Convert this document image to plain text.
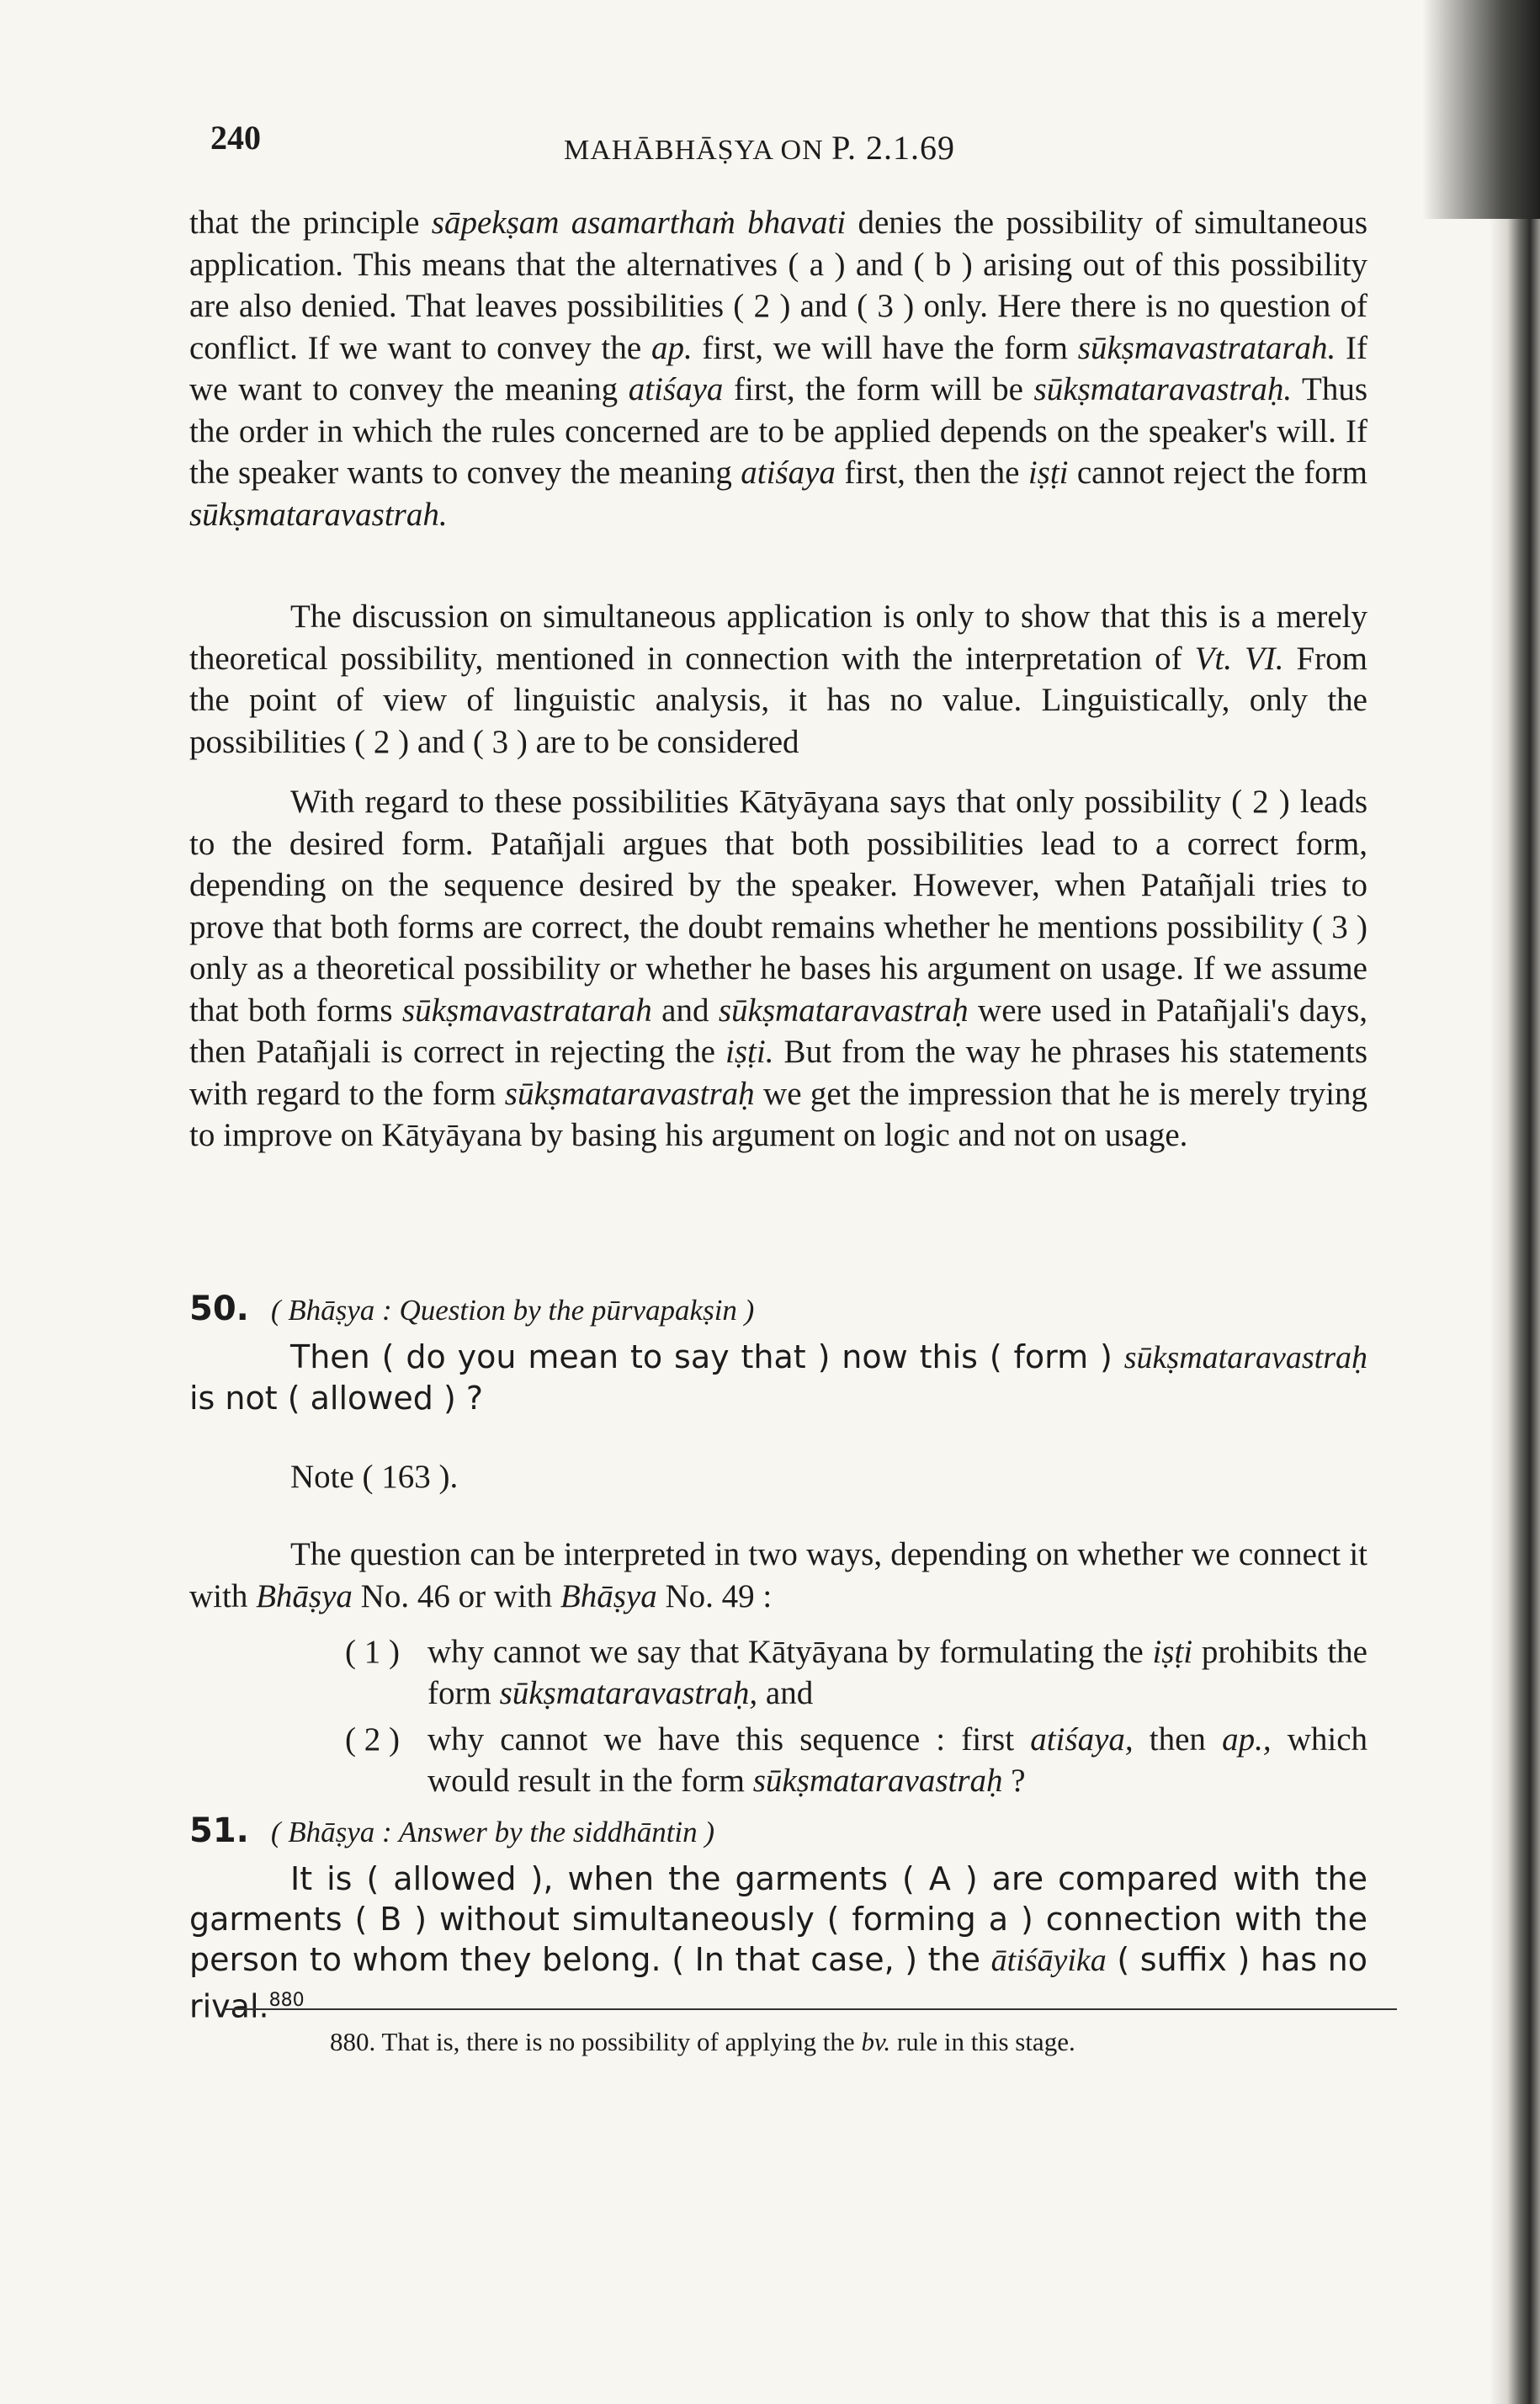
240	MAHĀBHĀṢYA ON P. 2.1.69
that the principle sāpekṣam asamarthaṁ bhavati denies the possibility of simultaneous application. This means that the alternatives ( a ) and ( b ) arising out of this possibility are also denied. That leaves possibilities ( 2 ) and ( 3 ) only. Here there is no question of conflict. If we want to convey the ap. first, we will have the form sūkṣmavastratarah. If we want to convey the meaning atiśaya first, the form will be sūkṣmataravastraḥ. Thus the order in which the rules concerned are to be applied depends on the speaker's will. If the speaker wants to convey the meaning atiśaya first, then the iṣṭi cannot reject the form sūkṣmataravastrah.
The discussion on simultaneous application is only to show that this is a merely theoretical possibility, mentioned in connection with the interpretation of Vt. VI. From the point of view of linguistic analysis, it has no value. Linguistically, only the possibilities ( 2 ) and ( 3 ) are to be considered
With regard to these possibilities Kātyāyana says that only possibility ( 2 ) leads to the desired form. Patañjali argues that both possibilities lead to a correct form, depending on the sequence desired by the speaker. However, when Patañjali tries to prove that both forms are correct, the doubt remains whether he mentions possibility ( 3 ) only as a theoretical possibility or whether he bases his argument on usage. If we assume that both forms sūkṣmavastratarah and sūkṣmataravastraḥ were used in Patañjali's days, then Patañjali is correct in rejecting the iṣṭi. But from the way he phrases his statements with regard to the form sūkṣmataravastraḥ we get the impression that he is merely trying to improve on Kātyāyana by basing his argument on logic and not on usage.
50. ( Bhāṣya : Question by the pūrvapakṣin )
Then ( do you mean to say that ) now this ( form ) sūkṣmataravastraḥ is not ( allowed ) ?
Note ( 163 ).
The question can be interpreted in two ways, depending on whether we connect it with Bhāṣya No. 46 or with Bhāṣya No. 49 :
( 1 ) why cannot we say that Kātyāyana by formulating the iṣṭi prohibits the form sūkṣmataravastraḥ, and
( 2 ) why cannot we have this sequence : first atiśaya, then ap., which would result in the form sūkṣmataravastraḥ ?
51. ( Bhāṣya : Answer by the siddhāntin )
It is ( allowed ), when the garments ( A ) are compared with the garments ( B ) without simultaneously ( forming a ) connection with the person to whom they belong. ( In that case, ) the ātiśāyika ( suffix ) has no rival.$^{880}$
880. That is, there is no possibility of applying the bv. rule in this stage.
